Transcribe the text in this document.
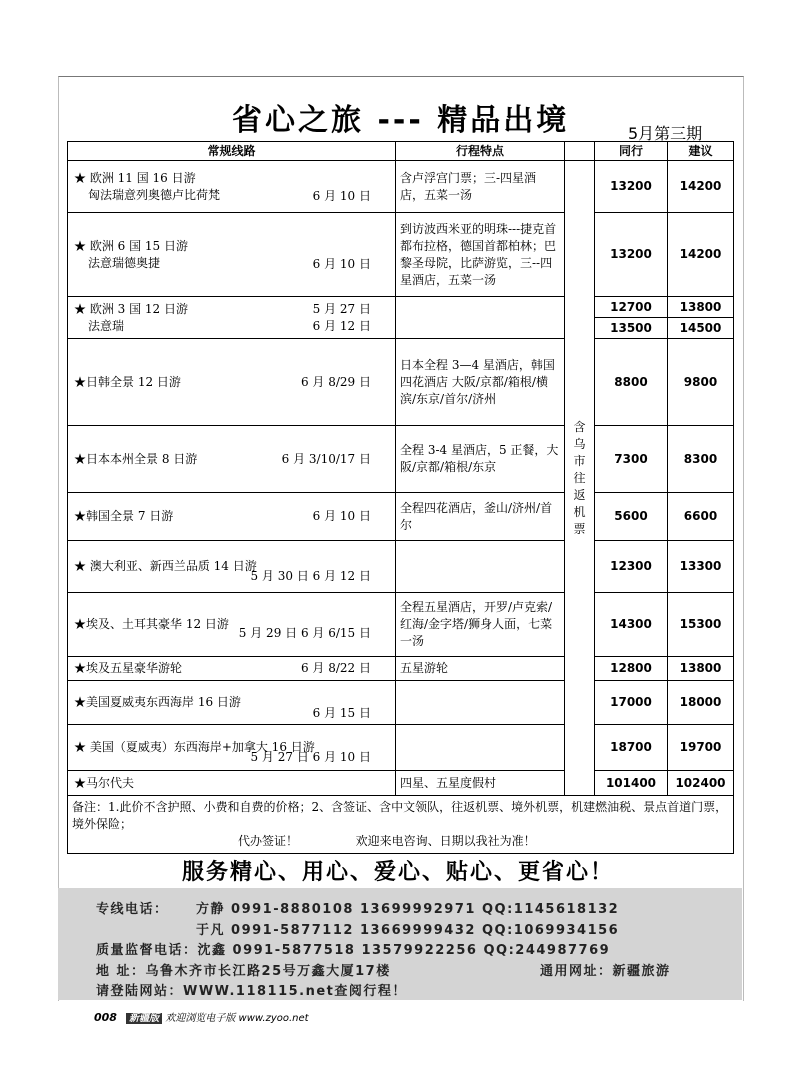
省心之旅 --- 精品出境	5月第三期
常规线路	行程特点		同行	建议

★ 欧洲 11 国 16 日游
匈法瑞意列奥德卢比荷梵 6 月 10 日	含卢浮宫门票；三-四星酒店，五菜一汤	含乌市往返机票	13200	14200

★ 欧洲 6 国 15 日游
法意瑞德奥捷 6 月 10 日	到访波西米亚的明珠---捷克首都布拉格，德国首都柏林；巴黎圣母院，比萨游览，三--四星酒店，五菜一汤		13200	14200

★ 欧洲 3 国 12 日游
法意瑞
5 月 27 日
6 月 12 日			12700	13800
			13500	14500

★日韩全景 12 日游 6 月 8/29 日	日本全程 3—4 星酒店，韩国四花酒店 大阪/京都/箱根/横滨/东京/首尔/济州		8800	9800

★日本本州全景 8 日游 6 月 3/10/17 日	全程 3-4 星酒店，5 正餐，大阪/京都/箱根/东京		7300	8300

★韩国全景 7 日游 6 月 10 日	全程四花酒店，釜山/济州/首尔		5600	6600

★ 澳大利亚、新西兰品质 14 日游
5 月 30 日 6 月 12 日			12300	13300

★埃及、土耳其豪华 12 日游
5 月 29 日 6 月 6/15 日	全程五星酒店，开罗/卢克索/红海/金字塔/狮身人面，七菜一汤		14300	15300

★埃及五星豪华游轮 6 月 8/22 日	五星游轮		12800	13800

★美国夏威夷东西海岸 16 日游
6 月 15 日			17000	18000

★ 美国（夏威夷）东西海岸+加拿大 16 日游
5 月 27 日 6 月 10 日			18700	19700

★马尔代夫	四星、五星度假村		101400	102400

备注：1.此价不含护照、小费和自费的价格；2、含签证、含中文领队，往返机票、境外机票，机建燃油税、景点首道门票，境外保险；
代办签证！ 欢迎来电咨询、日期以我社为准！				
服务精心、用心、爱心、贴心、更省心！
专线电话： 方静 0991-8880108 13699992971 QQ:1145618132
于凡 0991-5877112 13669999432 QQ:1069934156
质量监督电话：沈鑫 0991-5877518 13579922256 QQ:244987769
地 址：乌鲁木齐市长江路25号万鑫大厦17楼	通用网址：新疆旅游
请登陆网站：WWW.118115.net查阅行程！
008 新疆版 欢迎浏览电子版 www.zyoo.net
